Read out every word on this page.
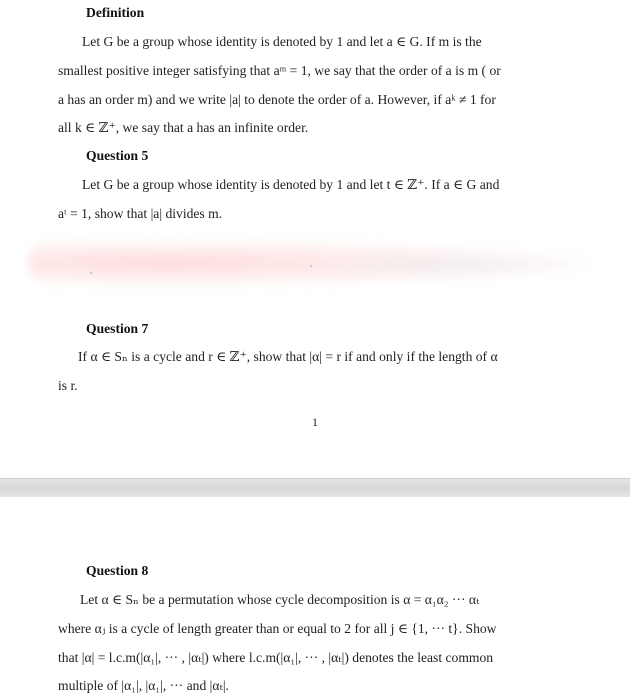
Definition
Let G be a group whose identity is denoted by 1 and let a ∈ G. If m is the
smallest positive integer satisfying that aᵐ = 1, we say that the order of a is m ( or
a has an order m) and we write |a| to denote the order of a. However, if aᵏ ≠ 1 for
all k ∈ ℤ⁺, we say that a has an infinite order.
Question 5
Let G be a group whose identity is denoted by 1 and let t ∈ ℤ⁺. If a ∈ G and
aᵗ = 1, show that |a| divides m.
Question 7
If α ∈ Sₙ is a cycle and r ∈ ℤ⁺, show that |α| = r if and only if the length of α
is r.
1
Question 8
Let α ∈ Sₙ be a permutation whose cycle decomposition is α = α₁α₂ ··· αₜ
where αⱼ is a cycle of length greater than or equal to 2 for all j ∈ {1, ··· t}. Show
that |α| = l.c.m(|α₁|, ··· , |αₜ|) where l.c.m(|α₁|, ··· , |αₜ|) denotes the least common
multiple of |α₁|, |α₁|, ··· and |αₜ|.
